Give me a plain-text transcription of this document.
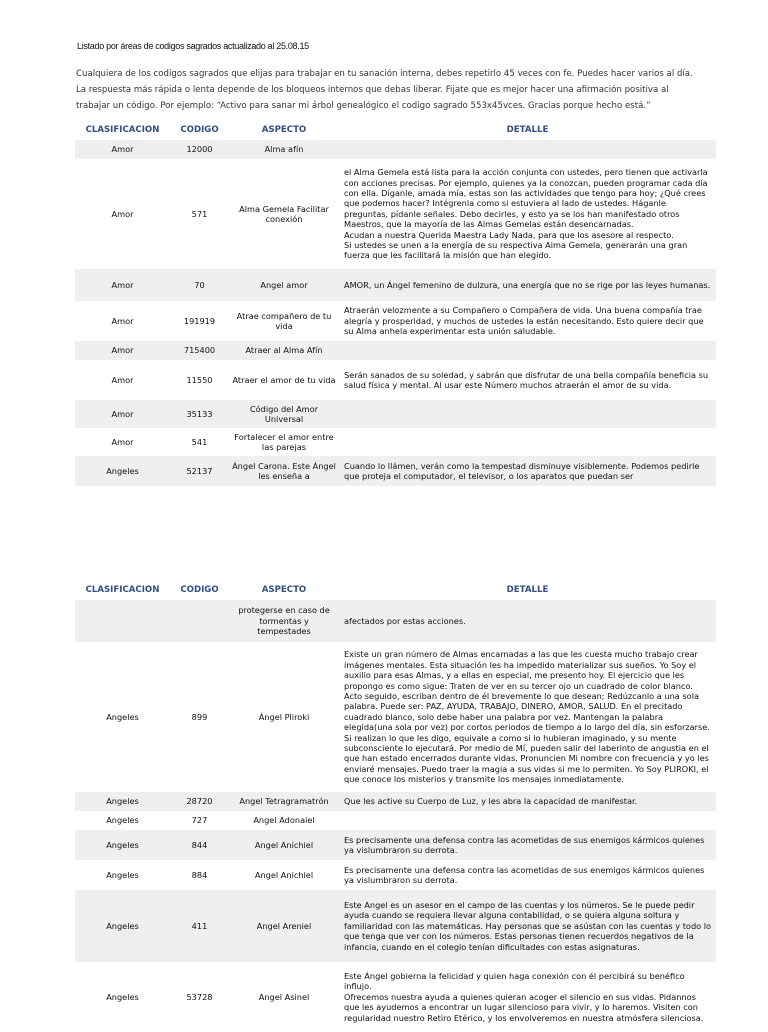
Listado por áreas de codigos sagrados actualizado al 25.08.15
Cualquiera de los codigos sagrados que elijas para trabajar en tu sanación interna, debes repetirlo 45 veces con fe. Puedes hacer varios al día. La respuesta más rápida o lenta depende de los bloqueos internos que debas liberar. Fijate que es mejor hacer una afirmación positiva al trabajar un código. Por ejemplo: “Activo para sanar mi árbol genealógico el codigo sagrado 553x45vces. Gracias porque hecho está.”
CLASIFICACION	CODIGO	ASPECTO	DETALLE
Amor	12000	Alma afín	
Amor	571	Alma Gemela Facilitar conexión	el Alma Gemela está lista para la acción conjunta con ustedes, pero tienen que activarla con acciones precisas. Por ejemplo, quienes ya la conozcan, pueden programar cada día con ella. Díganle, amada mía, estas son las actividades que tengo para hoy; ¿Qué crees que podemos hacer? Intégrenla como si estuviera al lado de ustedes. Háganle preguntas, pídanle señales. Debo decirles, y esto ya se los han manifestado otros Maestros, que la mayoría de las Almas Gemelas están desencarnadas.
Acudan a nuestra Querida Maestra Lady Nada, para que los asesore al respecto.
Si ustedes se unen a la energía de su respectiva Alma Gemela, generarán una gran fuerza que les facilitará la misión que han elegido.

Amor	70	Angel amor	AMOR, un Ángel femenino de dulzura, una energía que no se rige por las leyes humanas.
Amor	191919	Atrae compañero de tu vida	Atraerán velozmente a su Compañero o Compañera de vida. Una buena compañía trae alegría y prosperidad, y muchos de ustedes la están necesitando. Esto quiere decir que su Alma anhela experimentar esta unión saludable.
Amor	715400	Atraer al Alma Afín	
Amor	11550	Atraer el amor de tu vida	Serán sanados de su soledad, y sabrán que disfrutar de una bella compañía beneficia su salud física y mental. Al usar este Número muchos atraerán el amor de su vida.
Amor	35133	Código del Amor Universal	
Amor	541	Fortalecer el amor entre las parejas	
Angeles	52137	Ángel Carona. Este Ángel les enseña a	Cuando lo llámen, verán como la tempestad disminuye visiblemente. Podemos pedirle que proteja el computador, el televisor, o los aparatos que puedan ser
CLASIFICACION	CODIGO	ASPECTO	DETALLE
		protegerse en caso de tormentas y tempestades	afectados por estas acciones.
Angeles	899	Ángel Pliroki	Existe un gran número de Almas encarnadas a las que les cuesta mucho trabajo crear imágenes mentales. Esta situación les ha impedido materializar sus sueños. Yo Soy el auxilio para esas Almas, y a ellas en especial, me presento hoy. El ejercicio que les propongo es como sigue: Traten de ver en su tercer ojo un cuadrado de color blanco. Acto seguido, escriban dentro de él brevemente lo que desean; Redúzcanlo a una sola palabra. Puede ser: PAZ, AYUDA, TRABAJO, DINERO, AMOR, SALUD. En el precitado cuadrado blanco, solo debe haber una palabra por vez. Mantengan la palabra elegida(una sola por vez) por cortos periodos de tiempo a lo largo del día, sin esforzarse. Si realizan lo que les digo, equivale a como si lo hubieran imaginado, y su mente subconsciente lo ejecutará. Por medio de Mí, pueden salir del laberinto de angustia en el que han estado encerrados durante vidas. Pronuncien Mi nombre con frecuencia y yo les enviaré mensajes. Puedo traer la magia a sus vidas si me lo permiten. Yo Soy PLIROKI, el que conoce los misterios y transmite los mensajes inmediatamente.
Angeles	28720	Angel Tetragramatrón	Que les active su Cuerpo de Luz, y les abra la capacidad de manifestar.
Angeles	727	Angel Adonaiel	
Angeles	844	Angel Anichiel	Es precisamente una defensa contra las acometidas de sus enemigos kármicos quienes ya vislumbraron su derrota.
Angeles	884	Angel Anichiel	Es precisamente una defensa contra las acometidas de sus enemigos kármicos quienes ya vislumbraron su derrota.
Angeles	411	Angel Areniel	Este Angel es un asesor en el campo de las cuentas y los números. Se le puede pedir ayuda cuando se requiera llevar alguna contabilidad, o se quiera alguna soltura y familiaridad con las matemáticas. Hay personas que se asústan con las cuentas y todo lo que tenga que ver con los números. Estas personas tienen recuerdos negativos de la infancia, cuando en el colegio tenían dificultades con estas asignaturas.
Angeles	53728	Angel Asinel	Este Ángel gobierna la felicidad y quien haga conexión con él percibirá su benéfico influjo.
Ofrecemos nuestra ayuda a quienes quieran acoger el silencio en sus vidas. Pidannos que les ayudemos a encontrar un lugar silencioso para vivir, y lo haremos. Visiten con regularidad nuestro Retiro Etérico, y los envolveremos en nuestra atmósfera silenciosa.
